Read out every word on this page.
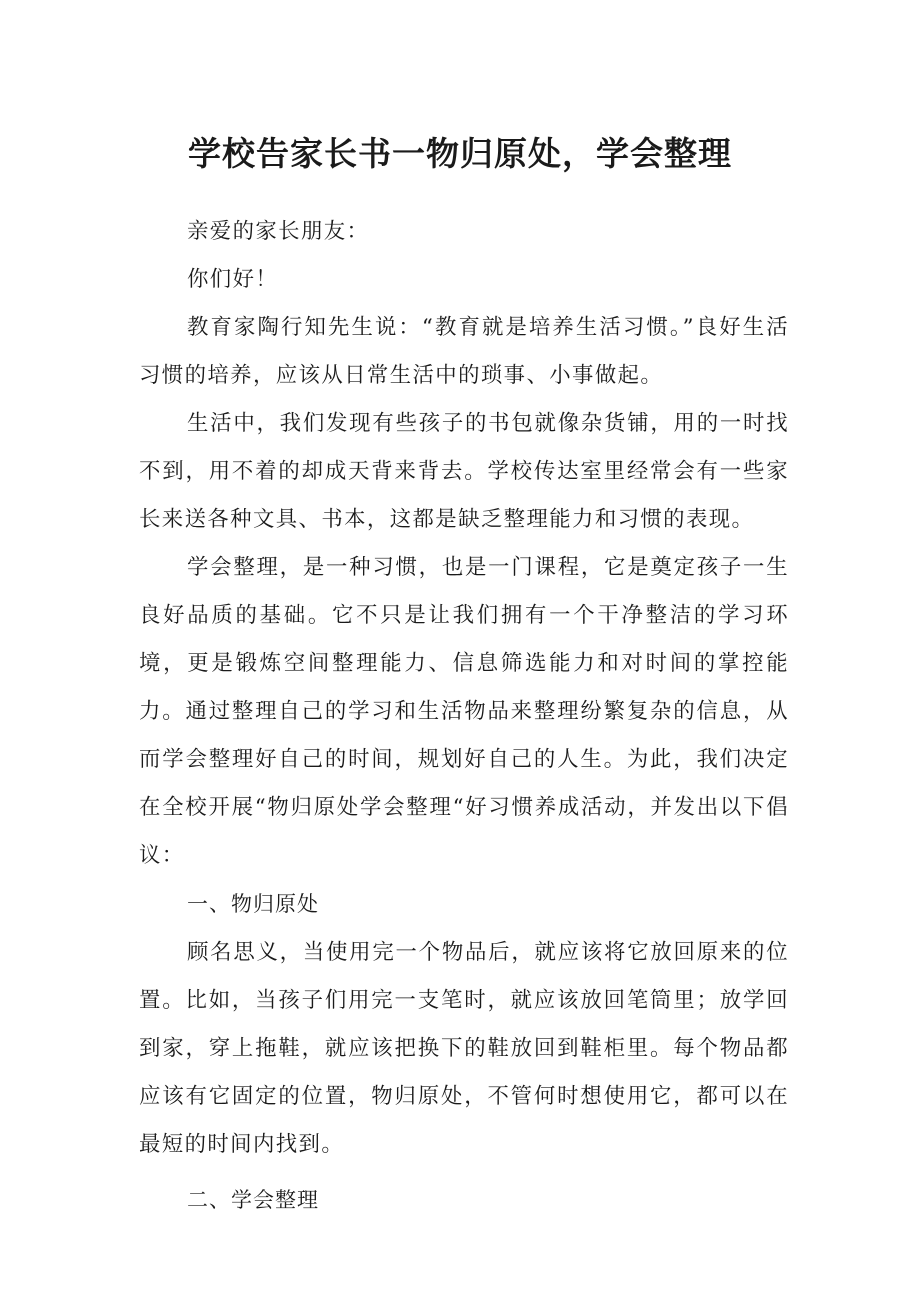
学校告家长书一物归原处，学会整理

亲爱的家长朋友：

你们好！

教育家陶行知先生说：“教育就是培养生活习惯。”良好生活习惯的培养，应该从日常生活中的琐事、小事做起。

生活中，我们发现有些孩子的书包就像杂货铺，用的一时找不到，用不着的却成天背来背去。学校传达室里经常会有一些家长来送各种文具、书本，这都是缺乏整理能力和习惯的表现。

学会整理，是一种习惯，也是一门课程，它是奠定孩子一生良好品质的基础。它不只是让我们拥有一个干净整洁的学习环境，更是锻炼空间整理能力、信息筛选能力和对时间的掌控能力。通过整理自己的学习和生活物品来整理纷繁复杂的信息，从而学会整理好自己的时间，规划好自己的人生。为此，我们决定在全校开展“物归原处学会整理“好习惯养成活动，并发出以下倡议：

一、物归原处

顾名思义，当使用完一个物品后，就应该将它放回原来的位置。比如，当孩子们用完一支笔时，就应该放回笔筒里；放学回到家，穿上拖鞋，就应该把换下的鞋放回到鞋柜里。每个物品都应该有它固定的位置，物归原处，不管何时想使用它，都可以在最短的时间内找到。

二、学会整理
